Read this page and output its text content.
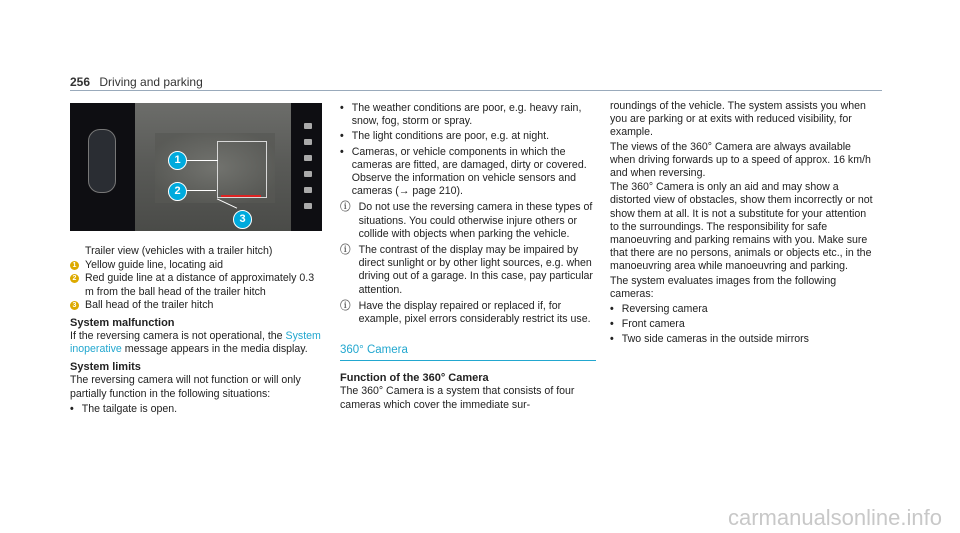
256 Driving and parking
1
2
3

Trailer view (vehicles with a trailer hitch)

1 Yellow guide line, locating aid
2 Red guide line at a distance of approximately 0.3 m from the ball head of the trailer hitch
3 Ball head of the trailer hitch
System malfunction

If the reversing camera is not operational, the System inoperative message appears in the media display.

System limits

The reversing camera will not function or will only partially function in the following situations:

• The tailgate is open.
• The weather conditions are poor, e.g. heavy rain, snow, fog, storm or spray.
• The light conditions are poor, e.g. at night.
• Cameras, or vehicle components in which the cameras are fitted, are damaged, dirty or covered. Observe the information on vehicle sensors and cameras (→ page 210).
ⓘ Do not use the reversing camera in these types of situations. You could otherwise injure others or collide with objects when parking the vehicle.
ⓘ The contrast of the display may be impaired by direct sunlight or by other light sources, e.g. when driving out of a garage. In this case, pay particular attention.
ⓘ Have the display repaired or replaced if, for example, pixel errors considerably restrict its use.
360° Camera
Function of the 360° Camera

The 360° Camera is a system that consists of four cameras which cover the immediate sur-

roundings of the vehicle. The system assists you when you are parking or at exits with reduced visibility, for example.

The views of the 360° Camera are always available when driving forwards up to a speed of approx. 16 km/h and when reversing.

The 360° Camera is only an aid and may show a distorted view of obstacles, show them incorrectly or not show them at all. It is not a substitute for your attention to the surroundings. The responsibility for safe manoeuvring and parking remains with you. Make sure that there are no persons, animals or objects etc., in the manoeuvring area while manoeuvring and parking.

The system evaluates images from the following cameras:

• Reversing camera
• Front camera
• Two side cameras in the outside mirrors
carmanualsonline.info
